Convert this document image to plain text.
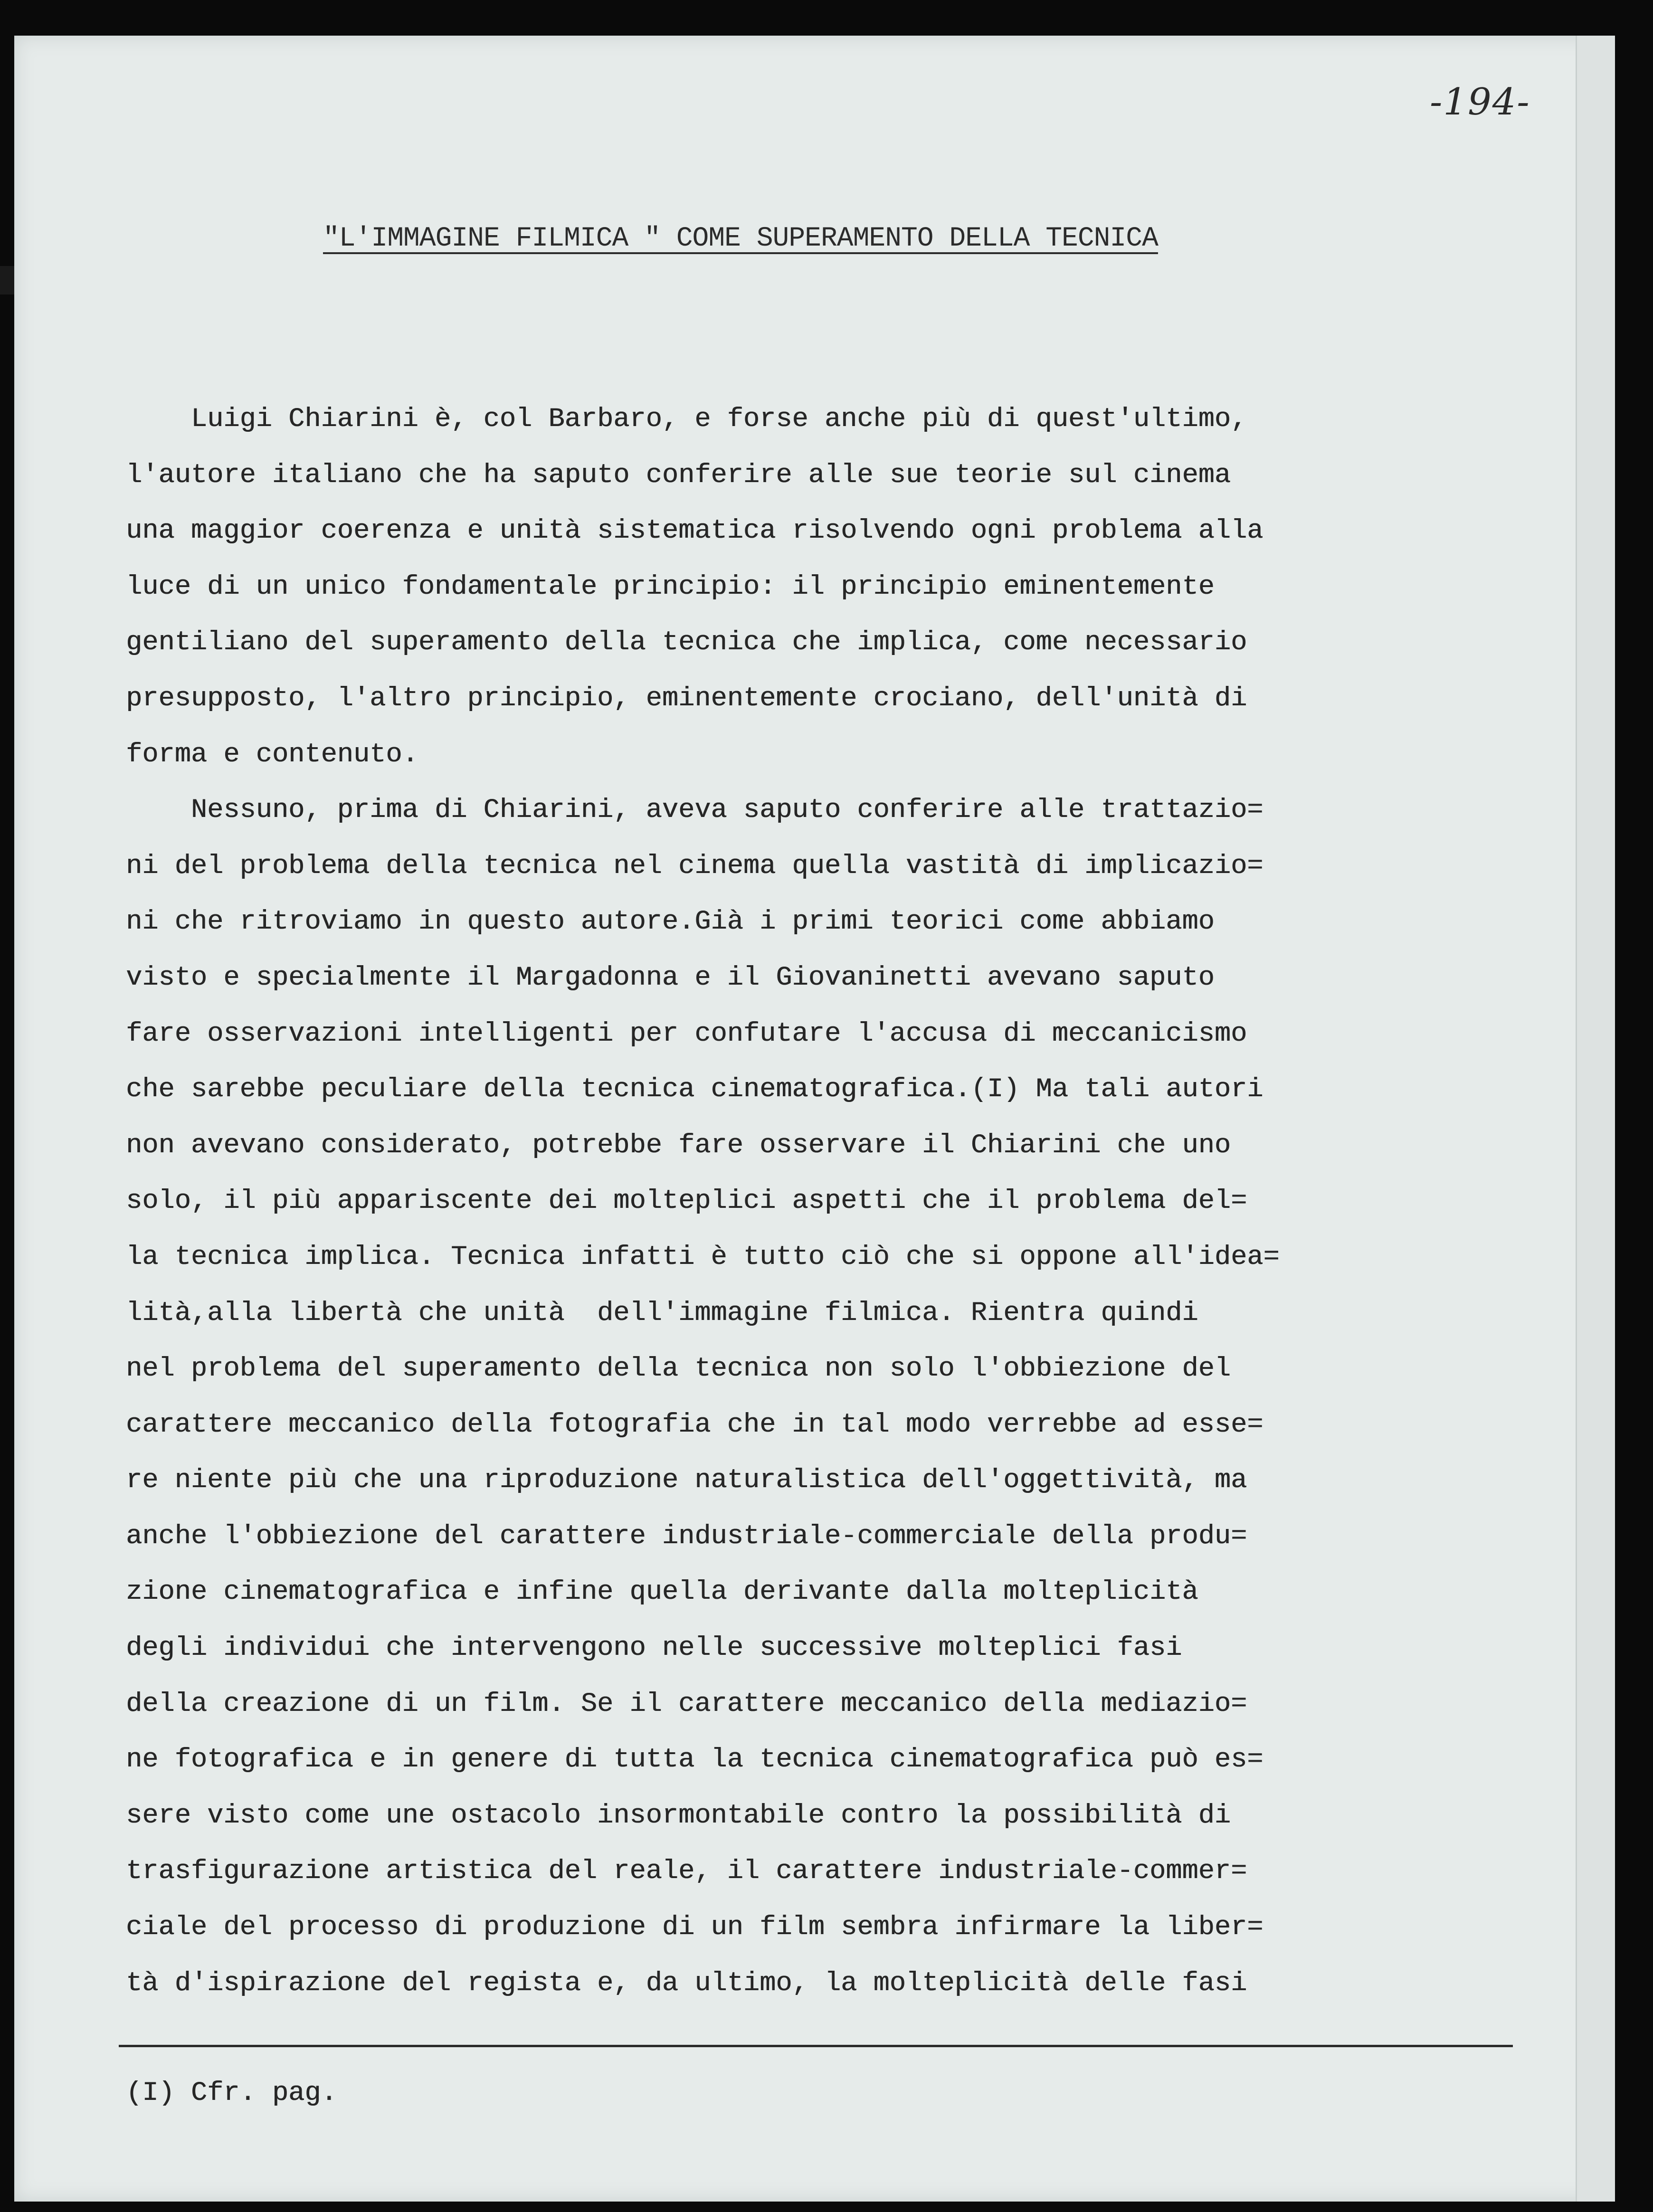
-194-
"L'IMMAGINE FILMICA " COME SUPERAMENTO DELLA TECNICA
Luigi Chiarini è, col Barbaro, e forse anche più di quest'ultimo,
l'autore italiano che ha saputo conferire alle sue teorie sul cinema
una maggior coerenza e unità sistematica risolvendo ogni problema alla
luce di un unico fondamentale principio: il principio eminentemente
gentiliano del superamento della tecnica che implica, come necessario
presupposto, l'altro principio, eminentemente crociano, dell'unità di
forma e contenuto.
Nessuno, prima di Chiarini, aveva saputo conferire alle trattazio=
ni del problema della tecnica nel cinema quella vastità di implicazio=
ni che ritroviamo in questo autore.Già i primi teorici come abbiamo
visto e specialmente il Margadonna e il Giovaninetti avevano saputo
fare osservazioni intelligenti per confutare l'accusa di meccanicismo
che sarebbe peculiare della tecnica cinematografica.(I) Ma tali autori
non avevano considerato, potrebbe fare osservare il Chiarini che uno
solo, il più appariscente dei molteplici aspetti che il problema del=
la tecnica implica. Tecnica infatti è tutto ciò che si oppone all'idea=
lità,alla libertà che unità  dell'immagine filmica. Rientra quindi
nel problema del superamento della tecnica non solo l'obbiezione del
carattere meccanico della fotografia che in tal modo verrebbe ad esse=
re niente più che una riproduzione naturalistica dell'oggettività, ma
anche l'obbiezione del carattere industriale-commerciale della produ=
zione cinematografica e infine quella derivante dalla molteplicità
degli individui che intervengono nelle successive molteplici fasi
della creazione di un film. Se il carattere meccanico della mediazio=
ne fotografica e in genere di tutta la tecnica cinematografica può es=
sere visto come une ostacolo insormontabile contro la possibilità di
trasfigurazione artistica del reale, il carattere industriale-commer=
ciale del processo di produzione di un film sembra infirmare la liber=
tà d'ispirazione del regista e, da ultimo, la molteplicità delle fasi
(I) Cfr. pag.
